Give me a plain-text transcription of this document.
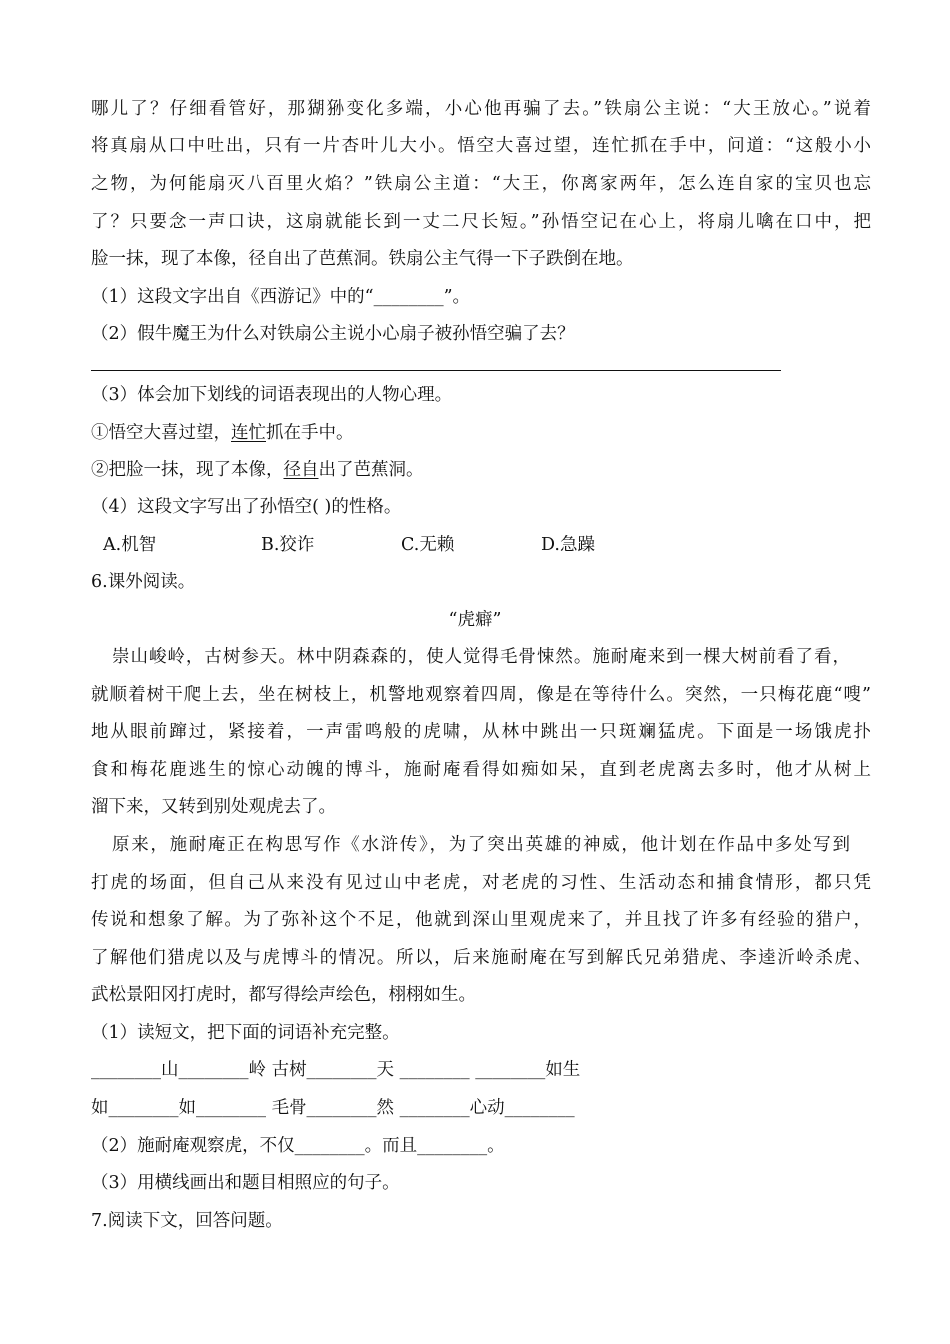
哪儿了？仔细看管好，那猢狲变化多端，小心他再骗了去。”铁扇公主说：“大王放心。”说着
将真扇从口中吐出，只有一片杏叶儿大小。悟空大喜过望，连忙抓在手中，问道：“这般小小
之物，为何能扇灭八百里火焰？”铁扇公主道：“大王，你离家两年，怎么连自家的宝贝也忘
了？只要念一声口诀，这扇就能长到一丈二尺长短。”孙悟空记在心上，将扇儿噙在口中，把
脸一抹，现了本像，径自出了芭蕉洞。铁扇公主气得一下子跌倒在地。
（1）这段文字出自《西游记》中的“________”。
（2）假牛魔王为什么对铁扇公主说小心扇子被孙悟空骗了去？
（3）体会加下划线的词语表现出的人物心理。
①悟空大喜过望，连忙抓在手中。
②把脸一抹，现了本像，径自出了芭蕉洞。
（4）这段文字写出了孙悟空( )的性格。
A.机智	B.狡诈	C.无赖	D.急躁
6.课外阅读。
“虎癖”
崇山峻岭，古树参天。林中阴森森的，使人觉得毛骨悚然。施耐庵来到一棵大树前看了看，
就顺着树干爬上去，坐在树枝上，机警地观察着四周，像是在等待什么。突然，一只梅花鹿“嗖”
地从眼前蹿过，紧接着，一声雷鸣般的虎啸，从林中跳出一只斑斓猛虎。下面是一场饿虎扑
食和梅花鹿逃生的惊心动魄的博斗，施耐庵看得如痴如呆，直到老虎离去多时，他才从树上
溜下来，又转到别处观虎去了。
原来，施耐庵正在构思写作《水浒传》，为了突出英雄的神威，他计划在作品中多处写到
打虎的场面，但自己从来没有见过山中老虎，对老虎的习性、生活动态和捕食情形，都只凭
传说和想象了解。为了弥补这个不足，他就到深山里观虎来了，并且找了许多有经验的猎户，
了解他们猎虎以及与虎博斗的情况。所以，后来施耐庵在写到解氏兄弟猎虎、李逵沂岭杀虎、
武松景阳冈打虎时，都写得绘声绘色，栩栩如生。
（1）读短文，把下面的词语补充完整。
________山________岭 古树________天 ________ ________如生
如________如________ 毛骨________然 ________心动________
（2）施耐庵观察虎，不仅________。而且________。
（3）用横线画出和题目相照应的句子。
7.阅读下文，回答问题。
